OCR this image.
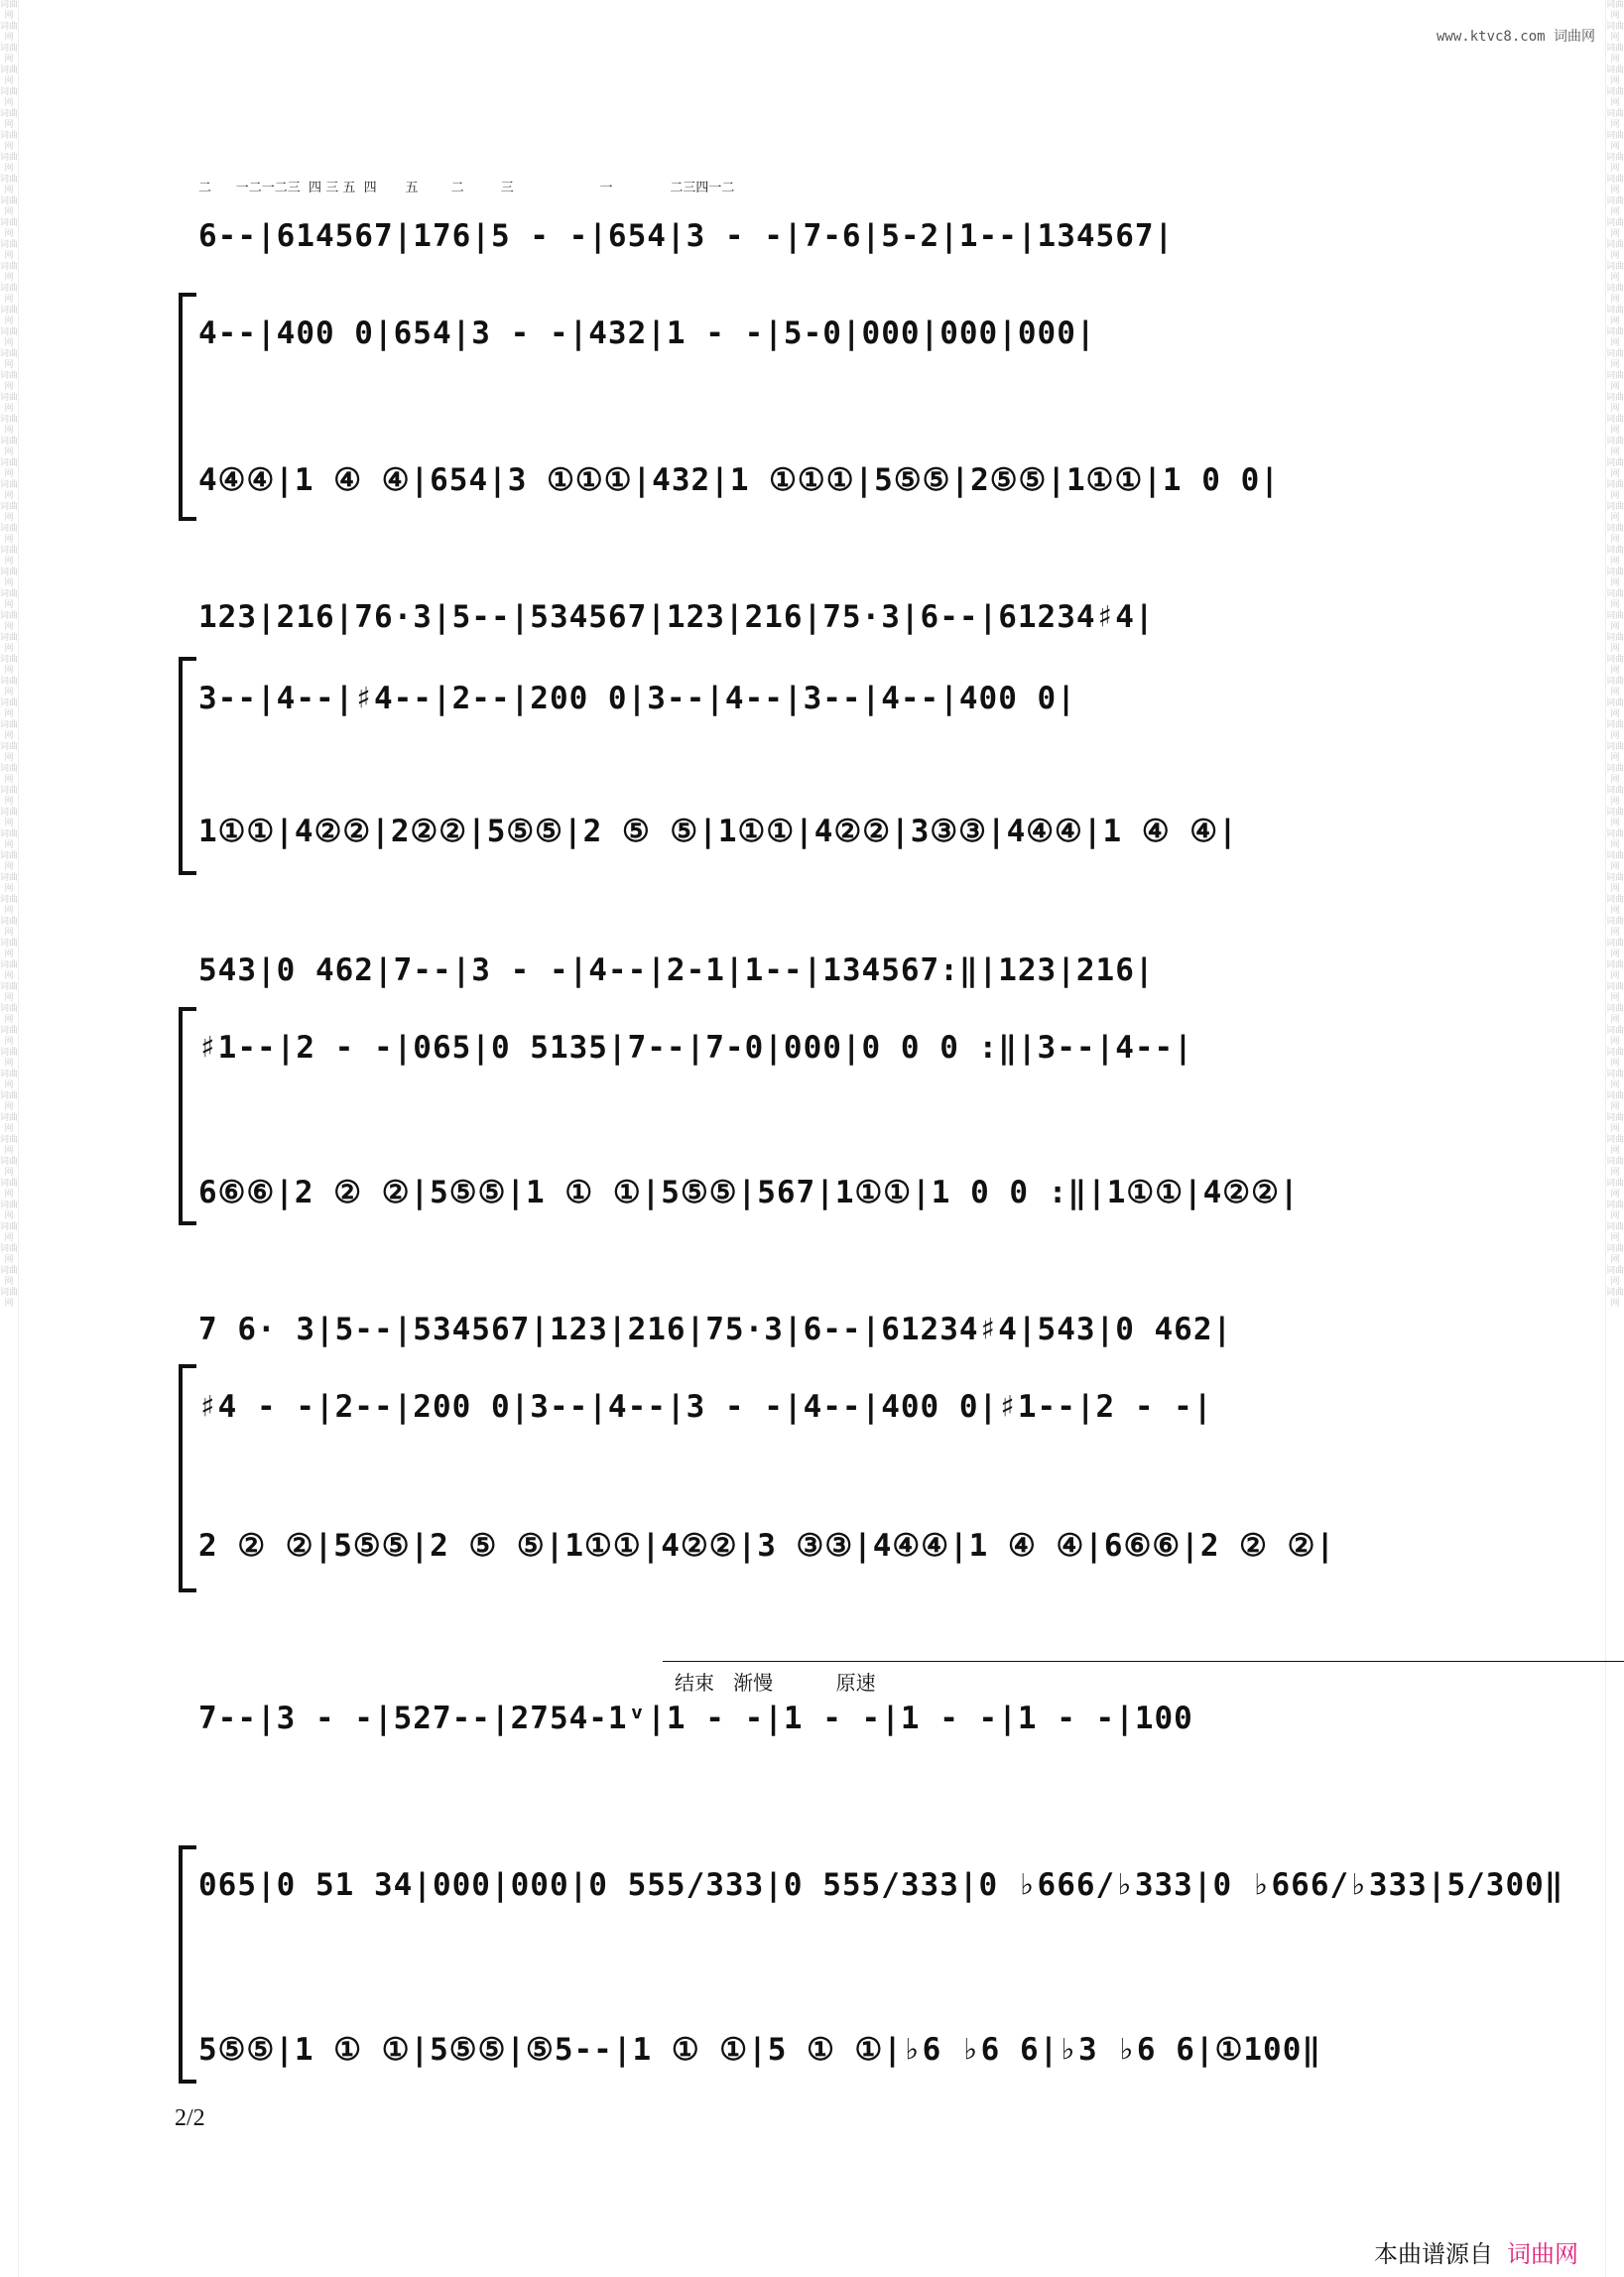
词曲网 词曲网 词曲网 词曲网 词曲网 词曲网 词曲网 词曲网 词曲网 词曲网 词曲网 词曲网 词曲网 词曲网 词曲网 词曲网 词曲网 词曲网 词曲网 词曲网 词曲网 词曲网 词曲网 词曲网 词曲网 词曲网 词曲网 词曲网 词曲网 词曲网 词曲网 词曲网 词曲网 词曲网 词曲网 词曲网 词曲网 词曲网 词曲网 词曲网 词曲网 词曲网 词曲网 词曲网 词曲网 词曲网 词曲网 词曲网 词曲网 词曲网 词曲网 词曲网 词曲网 词曲网 词曲网 词曲网 词曲网 词曲网 词曲网 词曲网
词曲网 词曲网 词曲网 词曲网 词曲网 词曲网 词曲网 词曲网 词曲网 词曲网 词曲网 词曲网 词曲网 词曲网 词曲网 词曲网 词曲网 词曲网 词曲网 词曲网 词曲网 词曲网 词曲网 词曲网 词曲网 词曲网 词曲网 词曲网 词曲网 词曲网 词曲网 词曲网 词曲网 词曲网 词曲网 词曲网 词曲网 词曲网 词曲网 词曲网 词曲网 词曲网 词曲网 词曲网 词曲网 词曲网 词曲网 词曲网 词曲网 词曲网 词曲网 词曲网 词曲网 词曲网 词曲网 词曲网 词曲网 词曲网 词曲网 词曲网
www.ktvc8.com 词曲网
二      一二一二三  四 三 五  四       五        二         三                     一              二三四一二
6--|614567|176|5 - -|654|3 - -|7-6|5-2|1--|134567|
4--|400 0|654|3 - -|432|1 - -|5-0|000|000|000|
4④④|1 ④ ④|654|3 ①①①|432|1 ①①①|5⑤⑤|2⑤⑤|1①①|1 0 0|
123|216|76·3|5--|534567|123|216|75·3|6--|61234♯4|
3--|4--|♯4--|2--|200 0|3--|4--|3--|4--|400 0|
1①①|4②②|2②②|5⑤⑤|2 ⑤ ⑤|1①①|4②②|3③③|4④④|1 ④ ④|
543|0 462|7--|3 - -|4--|2-1|1--|134567:‖|123|216|
♯1--|2 - -|065|0 5135|7--|7-0|000|0 0 0 :‖|3--|4--|
6⑥⑥|2 ② ②|5⑤⑤|1 ① ①|5⑤⑤|567|1①①|1 0 0 :‖|1①①|4②②|
7 6· 3|5--|534567|123|216|75·3|6--|61234♯4|543|0 462|
♯4 - -|2--|200 0|3--|4--|3 - -|4--|400 0|♯1--|2 - -|
2 ② ②|5⑤⑤|2 ⑤ ⑤|1①①|4②②|3 ③③|4④④|1 ④ ④|6⑥⑥|2 ② ②|
结束   渐慢          原速
7--|3 - -|527--|2754-1ᵛ|1 - -|1 - -|1 - -|1 - -|100
065|0 51 34|000|000|0 555/333|0 555/333|0 ♭666/♭333|0 ♭666/♭333|5/300‖
5⑤⑤|1 ① ①|5⑤⑤|⑤5--|1 ① ①|5 ① ①|♭6 ♭6 6|♭3 ♭6 6|①100‖
2/2
本曲谱源自 词曲网
